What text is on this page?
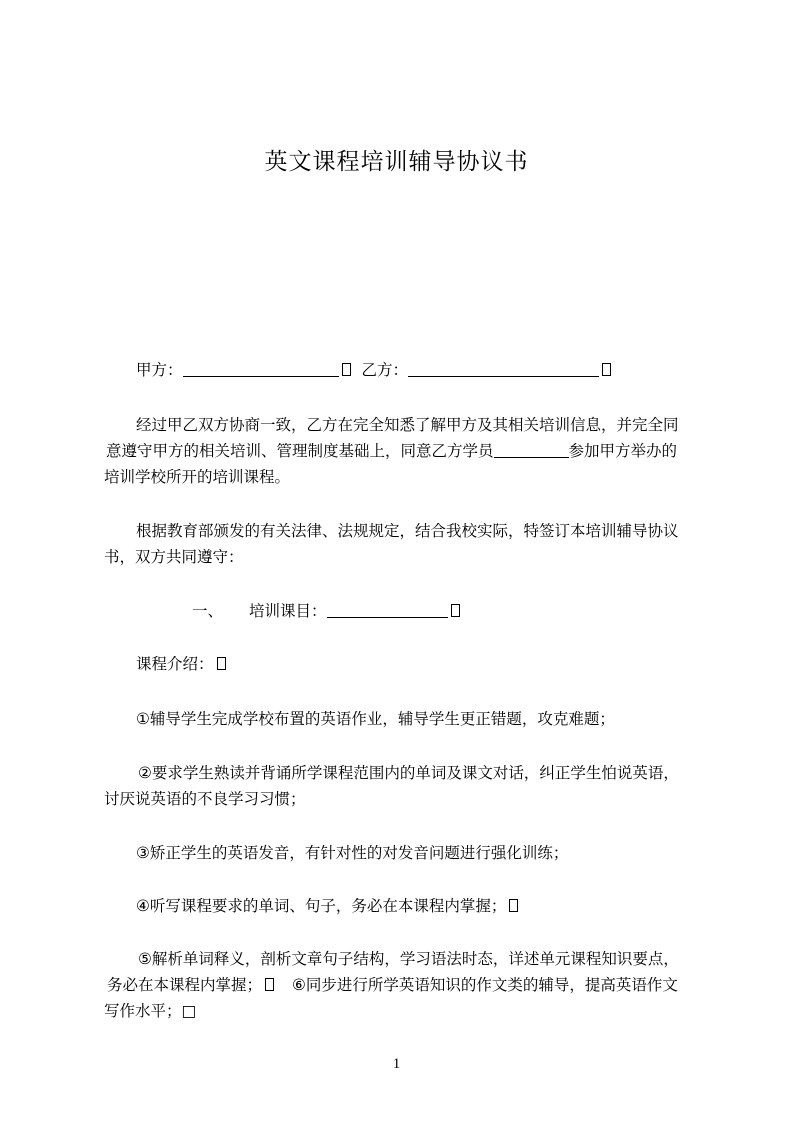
英文课程培训辅导协议书
甲方：	乙方：
经过甲乙双方协商一致，乙方在完全知悉了解甲方及其相关培训信息，并完全同
意遵守甲方的相关培训、管理制度基础上，同意乙方学员	参加甲方举办的
培训学校所开的培训课程。
根据教育部颁发的有关法律、法规规定，结合我校实际，特签订本培训辅导协议
书，双方共同遵守：
一、 培训课目：
课程介绍：
①辅导学生完成学校布置的英语作业，辅导学生更正错题，攻克难题；
②要求学生熟读并背诵所学课程范围内的单词及课文对话，纠正学生怕说英语，
讨厌说英语的不良学习习惯；
③矫正学生的英语发音，有针对性的对发音问题进行强化训练；
④听写课程要求的单词、句子，务必在本课程内掌握；
⑤解析单词释义，剖析文章句子结构，学习语法时态，详述单元课程知识要点，
务必在本课程内掌握； ⑥同步进行所学英语知识的作文类的辅导，提高英语作文
写作水平；□
1
